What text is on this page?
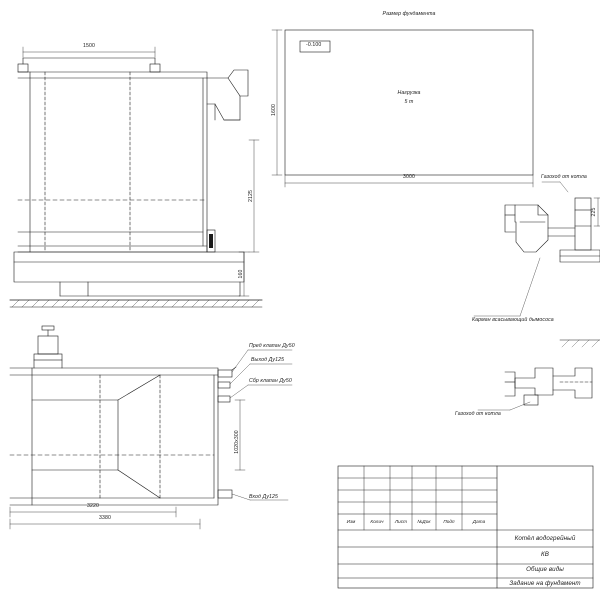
Размер фундамента
-0.100
Нагрузка
5 т
3000
1600
1500
2125
160
Пред клапан Ду50
Выход Ду125
Сбр клапан Ду50
Вход Ду125
1020x300
3220
3380
Газоход от котла
225
Карман всасывающий дымососа
Газоход от котла
Изм	Колич Лист №Док	Подп	Дата
Котёл водогрейный
КВ
Общие виды
Задание на фундамент
